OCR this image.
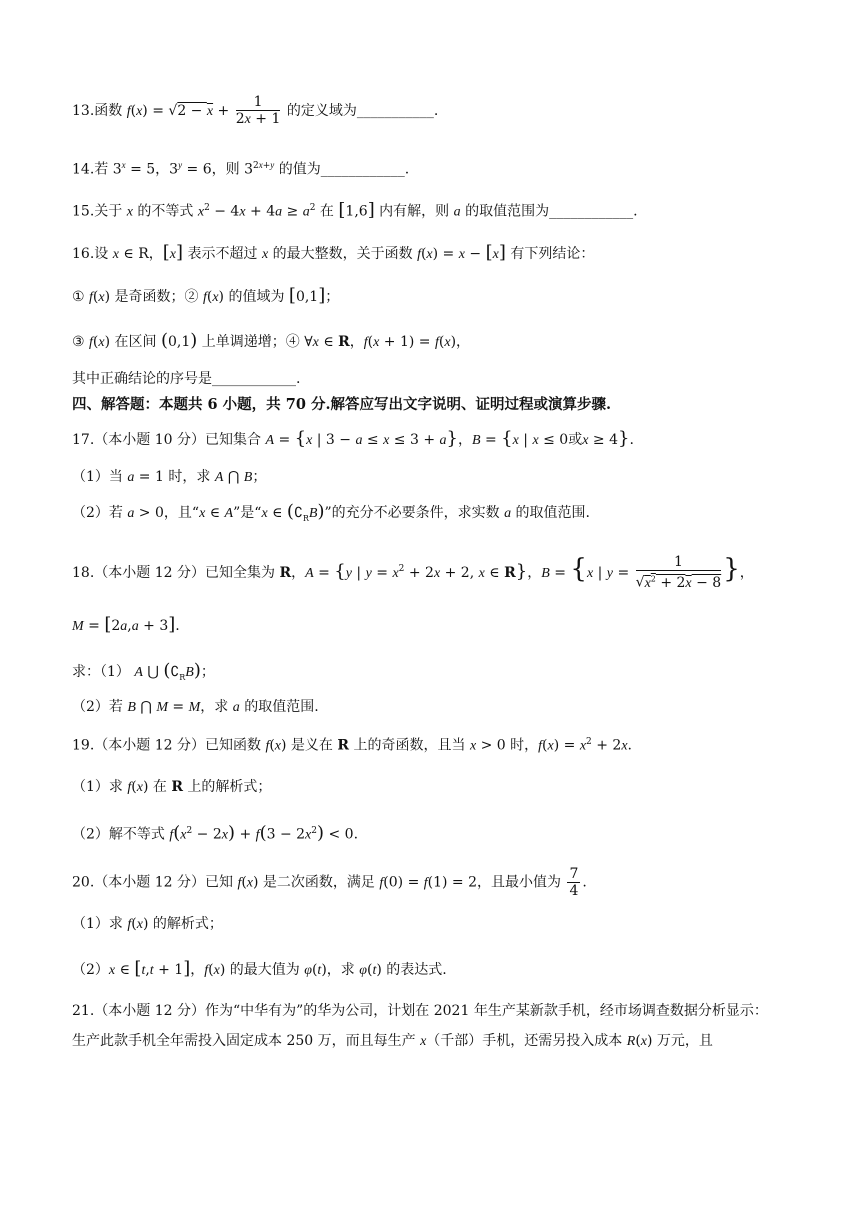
13.函数 $f(x) = √2 - x + \frac{1}{2x + 1}$ 的定义域为___________.
14.若 $3^x = 5$，$3^y = 6$，则 $3^{2x+y}$ 的值为____________.
15.关于 x 的不等式 $x^2 - 4x + 4a \ge a^2$ 在 [1,6] 内有解，则 a 的取值范围为____________.
16.设 x ∈ R，[x] 表示不超过 x 的最大整数，关于函数 f(x) = x − [x] 有下列结论：
① f(x) 是奇函数；② f(x) 的值域为 [0,1]；
③ f(x) 在区间 (0,1) 上单调递增；④ ∀x ∈ R，f(x + 1) = f(x)，
其中正确结论的序号是____________.
四、解答题：本题共 6 小题，共 70 分.解答应写出文字说明、证明过程或演算步骤.
17.（本小题 10 分）已知集合 A = {x | 3 − a ≤ x ≤ 3 + a}，B = {x | x ≤ 0或x ≥ 4}.
（1）当 a = 1 时，求 A ⋂ B；
（2）若 a > 0，且“x ∈ A”是“x ∈ $(∁_RB)$”的充分不必要条件，求实数 a 的取值范围.
18.（本小题 12 分）已知全集为 R，A = {y | $y = x^2 + 2x + 2$, x ∈ R}，B = {x | $y = \frac{1}{√x^2 + 2x - 8}$ }，
M = [2a,a + 3].
求：（1） A ⋃ $(∁_RB)$；
（2）若 B ⋂ M = M，求 a 的取值范围.
19.（本小题 12 分）已知函数 f(x) 是义在 R 上的奇函数，且当 x > 0 时，$f(x) = x^2 + 2x$.
（1）求 f(x) 在 R 上的解析式；
（2）解不等式 $f(x^2 - 2x) + f(3 - 2x^2) < 0$.
20.（本小题 12 分）已知 f(x) 是二次函数，满足 f(0) = f(1) = 2，且最小值为 $\frac{7}{4}$ .
（1）求 f(x) 的解析式；
（2）x ∈ [t,t + 1]，f(x) 的最大值为 φ(t)，求 φ(t) 的表达式.
21.（本小题 12 分）作为“中华有为”的华为公司，计划在 2021 年生产某新款手机，经市场调查数据分析显示：
生产此款手机全年需投入固定成本 250 万，而且每生产 x（千部）手机，还需另投入成本 R(x) 万元，且
